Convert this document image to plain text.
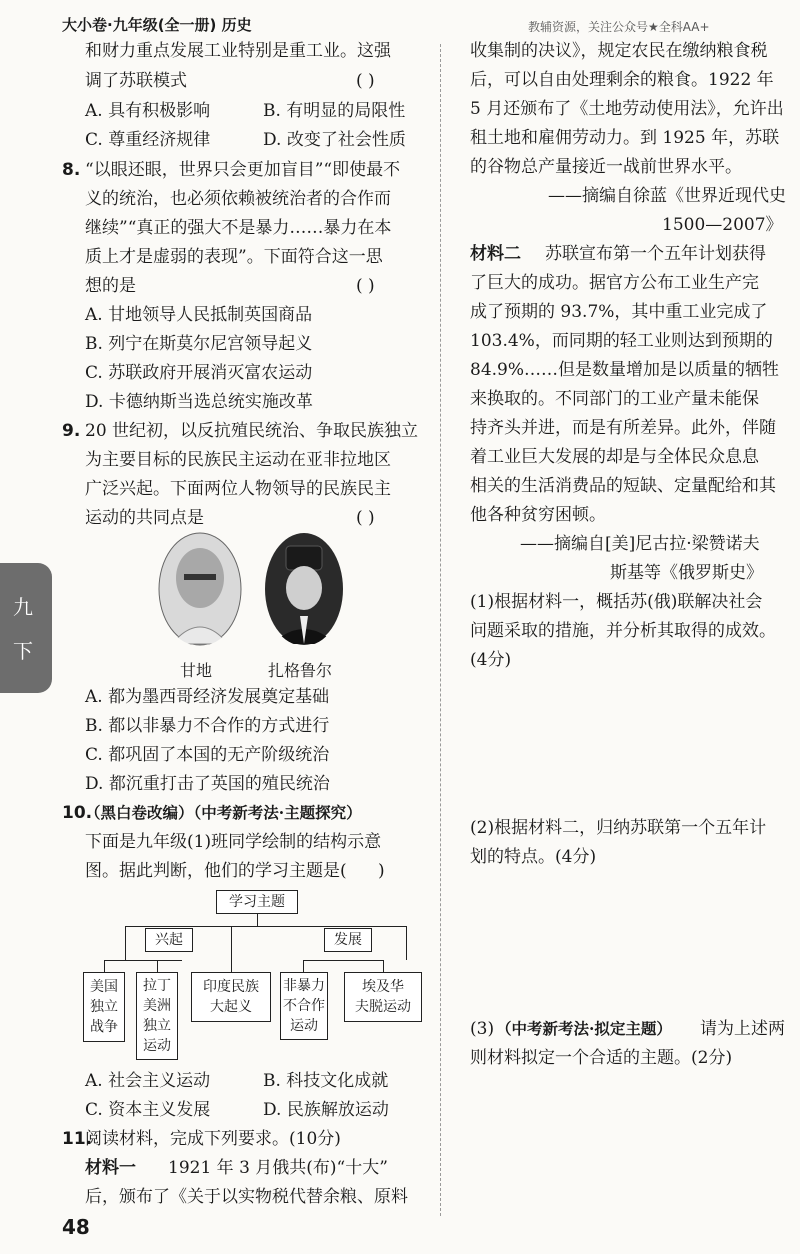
大小卷·九年级(全一册) 历史	教辅资源，关注公众号★全科AA+
九
下
和财力重点发展工业特别是重工业。这强
调了苏联模式	( )
A. 具有积极影响	B. 有明显的局限性
C. 尊重经济规律	D. 改变了社会性质
8. “以眼还眼，世界只会更加盲目”“即使最不
义的统治，也必须依赖被统治者的合作而
继续”“真正的强大不是暴力……暴力在本
质上才是虚弱的表现”。下面符合这一思
想的是	( )
A. 甘地领导人民抵制英国商品
B. 列宁在斯莫尔尼宫领导起义
C. 苏联政府开展消灭富农运动
D. 卡德纳斯当选总统实施改革
9. 20 世纪初，以反抗殖民统治、争取民族独立
为主要目标的民族民主运动在亚非拉地区
广泛兴起。下面两位人物领导的民族民主
运动的共同点是	( )
甘地	扎格鲁尔
A. 都为墨西哥经济发展奠定基础
B. 都以非暴力不合作的方式进行
C. 都巩固了本国的无产阶级统治
D. 都沉重打击了英国的殖民统治
10.
（黑白卷改编）（中考新考法·主题探究）
下面是九年级(1)班同学绘制的结构示意
图。据此判断，他们的学习主题是( )
学习主题
兴起	发展
美国
独立
战争
拉丁
美洲
独立
运动
印度民族
大起义
非暴力
不合作
运动
埃及华
夫脱运动
A. 社会主义运动	B. 科技文化成就
C. 资本主义发展	D. 民族解放运动
11.
阅读材料，完成下列要求。(10分)
材料一 1921 年 3 月俄共(布)“十大”
后，颁布了《关于以实物税代替余粮、原料
收集制的决议》，规定农民在缴纳粮食税
后，可以自由处理剩余的粮食。1922 年
5 月还颁布了《土地劳动使用法》，允许出
租土地和雇佣劳动力。到 1925 年，苏联
的谷物总产量接近一战前世界水平。
——摘编自徐蓝《世界近现代史
1500—2007》
材料二 苏联宣布第一个五年计划获得
了巨大的成功。据官方公布工业生产完
成了预期的 93.7%，其中重工业完成了
103.4%，而同期的轻工业则达到预期的
84.9%……但是数量增加是以质量的牺牲
来换取的。不同部门的工业产量未能保
持齐头并进，而是有所差异。此外，伴随
着工业巨大发展的却是与全体民众息息
相关的生活消费品的短缺、定量配给和其
他各种贫穷困顿。
——摘编自[美]尼古拉·梁赞诺夫
斯基等《俄罗斯史》
(1)根据材料一，概括苏(俄)联解决社会
问题采取的措施，并分析其取得的成效。
(4分)
(2)根据材料二，归纳苏联第一个五年计
划的特点。(4分)
(3) （中考新考法·拟定主题） 请为上述两
则材料拟定一个合适的主题。(2分)
48
